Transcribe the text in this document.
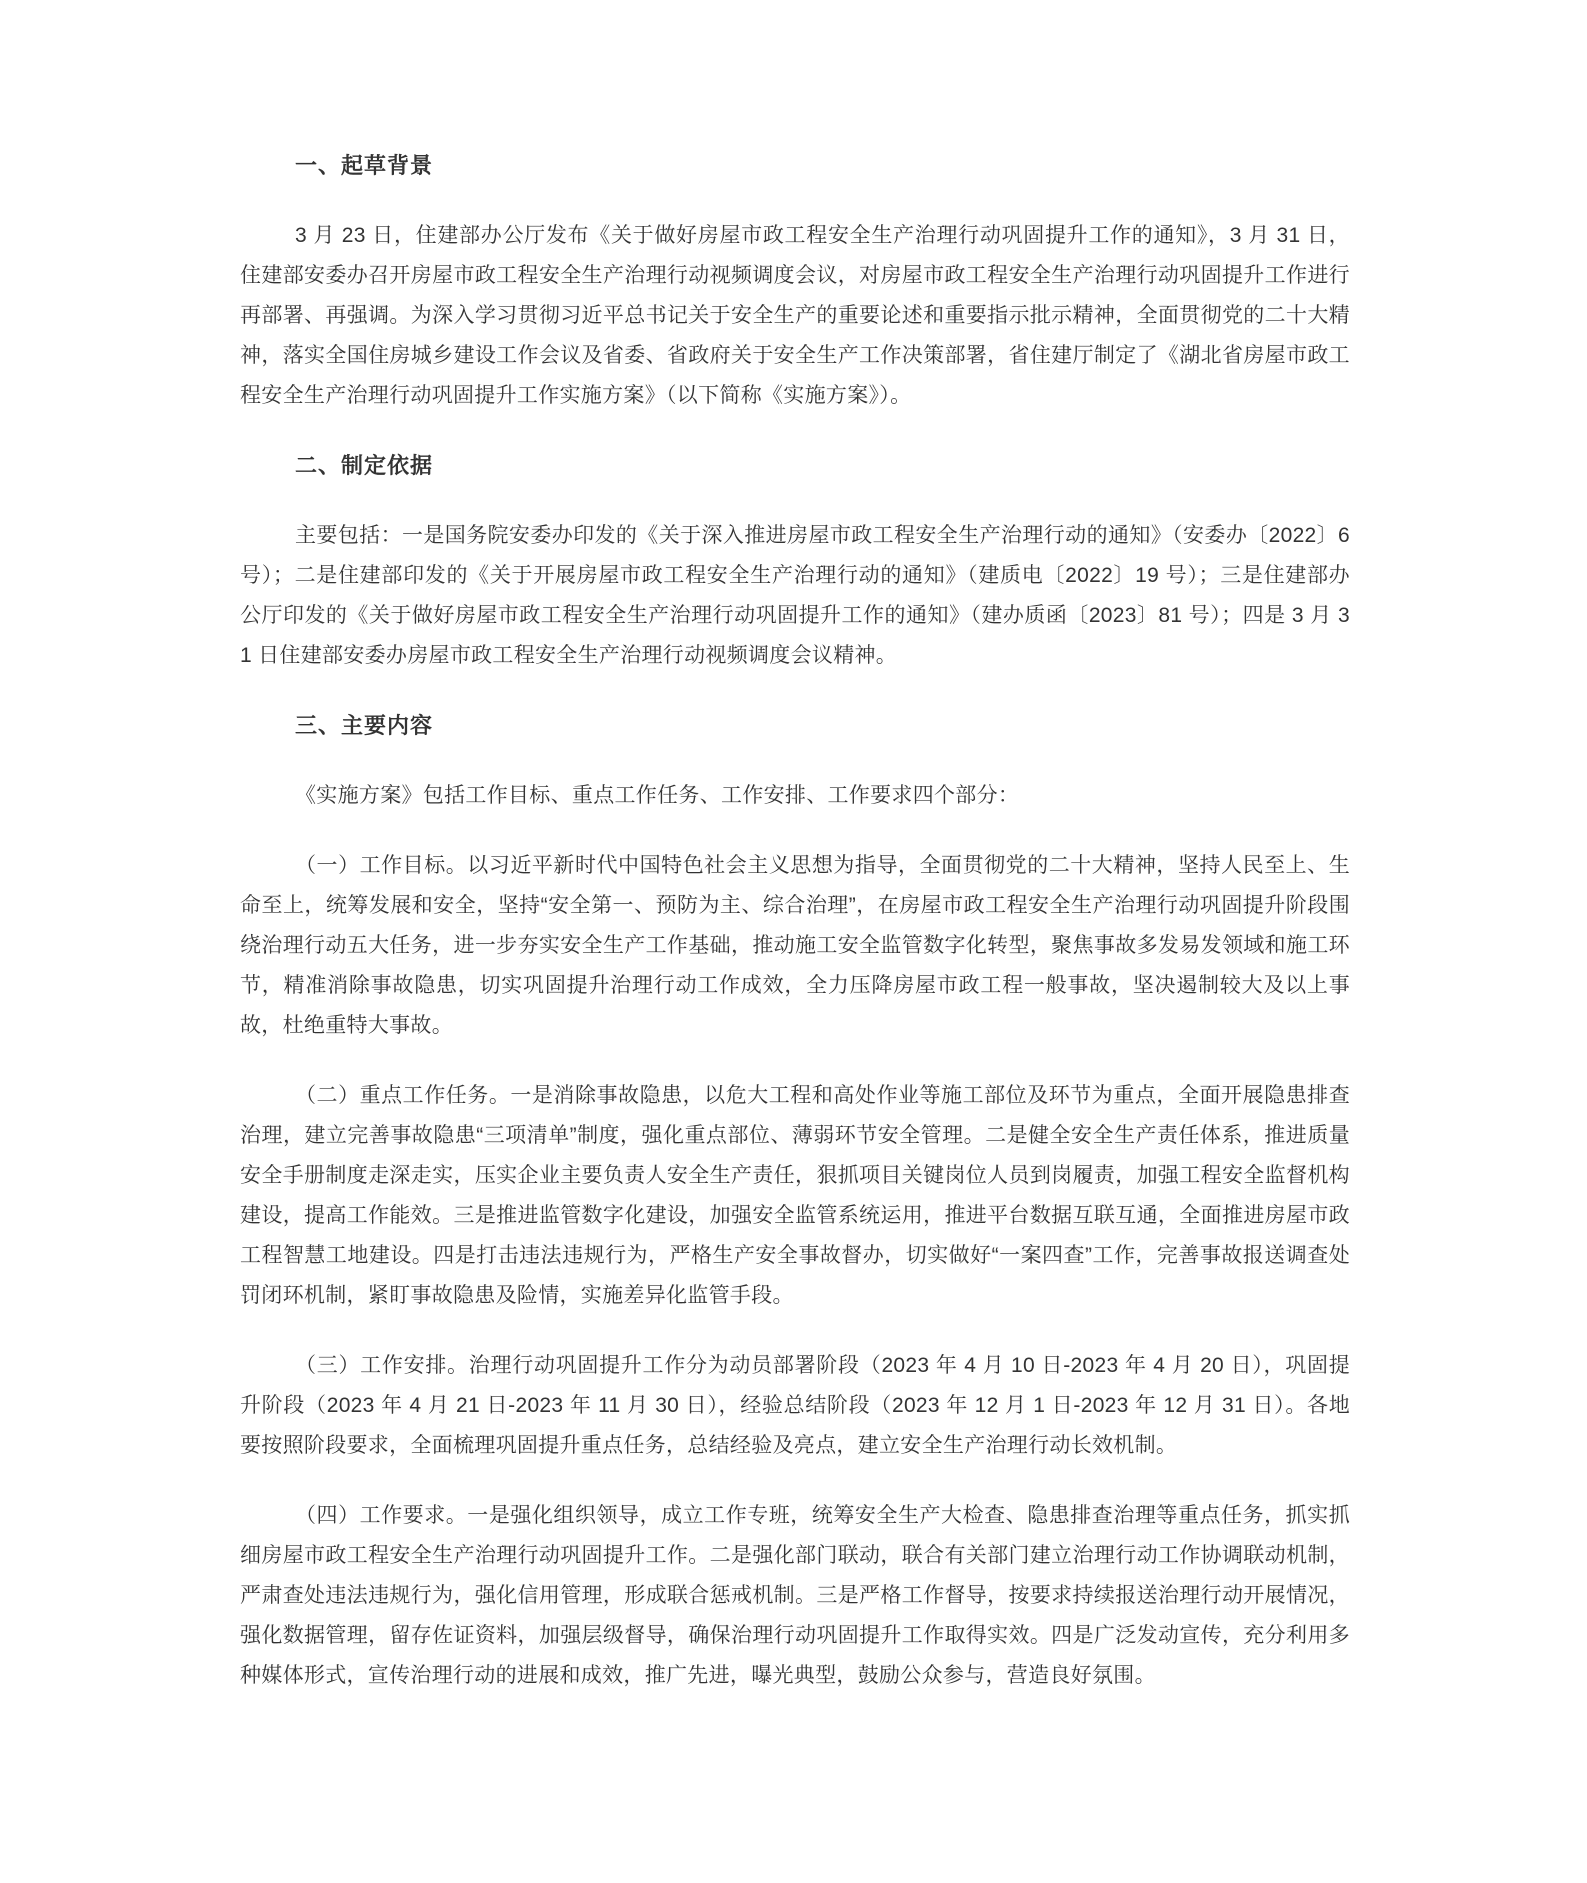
一、起草背景

3 月 23 日，住建部办公厅发布《关于做好房屋市政工程安全生产治理行动巩固提升工作的通知》，3 月 31 日，住建部安委办召开房屋市政工程安全生产治理行动视频调度会议，对房屋市政工程安全生产治理行动巩固提升工作进行再部署、再强调。为深入学习贯彻习近平总书记关于安全生产的重要论述和重要指示批示精神，全面贯彻党的二十大精神，落实全国住房城乡建设工作会议及省委、省政府关于安全生产工作决策部署，省住建厅制定了《湖北省房屋市政工程安全生产治理行动巩固提升工作实施方案》（以下简称《实施方案》）。

二、制定依据

主要包括：一是国务院安委办印发的《关于深入推进房屋市政工程安全生产治理行动的通知》（安委办〔2022〕6 号）；二是住建部印发的《关于开展房屋市政工程安全生产治理行动的通知》（建质电〔2022〕19 号）；三是住建部办公厅印发的《关于做好房屋市政工程安全生产治理行动巩固提升工作的通知》（建办质函〔2023〕81 号）；四是 3 月 31 日住建部安委办房屋市政工程安全生产治理行动视频调度会议精神。

三、主要内容

《实施方案》包括工作目标、重点工作任务、工作安排、工作要求四个部分：

（一）工作目标。以习近平新时代中国特色社会主义思想为指导，全面贯彻党的二十大精神，坚持人民至上、生命至上，统筹发展和安全，坚持“安全第一、预防为主、综合治理”，在房屋市政工程安全生产治理行动巩固提升阶段围绕治理行动五大任务，进一步夯实安全生产工作基础，推动施工安全监管数字化转型，聚焦事故多发易发领域和施工环节，精准消除事故隐患，切实巩固提升治理行动工作成效，全力压降房屋市政工程一般事故，坚决遏制较大及以上事故，杜绝重特大事故。

（二）重点工作任务。一是消除事故隐患，以危大工程和高处作业等施工部位及环节为重点，全面开展隐患排查治理，建立完善事故隐患“三项清单”制度，强化重点部位、薄弱环节安全管理。二是健全安全生产责任体系，推进质量安全手册制度走深走实，压实企业主要负责人安全生产责任，狠抓项目关键岗位人员到岗履责，加强工程安全监督机构建设，提高工作能效。三是推进监管数字化建设，加强安全监管系统运用，推进平台数据互联互通，全面推进房屋市政工程智慧工地建设。四是打击违法违规行为，严格生产安全事故督办，切实做好“一案四查”工作，完善事故报送调查处罚闭环机制，紧盯事故隐患及险情，实施差异化监管手段。

（三）工作安排。治理行动巩固提升工作分为动员部署阶段（2023 年 4 月 10 日-2023 年 4 月 20 日），巩固提升阶段（2023 年 4 月 21 日-2023 年 11 月 30 日），经验总结阶段（2023 年 12 月 1 日-2023 年 12 月 31 日）。各地要按照阶段要求，全面梳理巩固提升重点任务，总结经验及亮点，建立安全生产治理行动长效机制。

（四）工作要求。一是强化组织领导，成立工作专班，统筹安全生产大检查、隐患排查治理等重点任务，抓实抓细房屋市政工程安全生产治理行动巩固提升工作。二是强化部门联动，联合有关部门建立治理行动工作协调联动机制，严肃查处违法违规行为，强化信用管理，形成联合惩戒机制。三是严格工作督导，按要求持续报送治理行动开展情况，强化数据管理，留存佐证资料，加强层级督导，确保治理行动巩固提升工作取得实效。四是广泛发动宣传，充分利用多种媒体形式，宣传治理行动的进展和成效，推广先进，曝光典型，鼓励公众参与，营造良好氛围。
